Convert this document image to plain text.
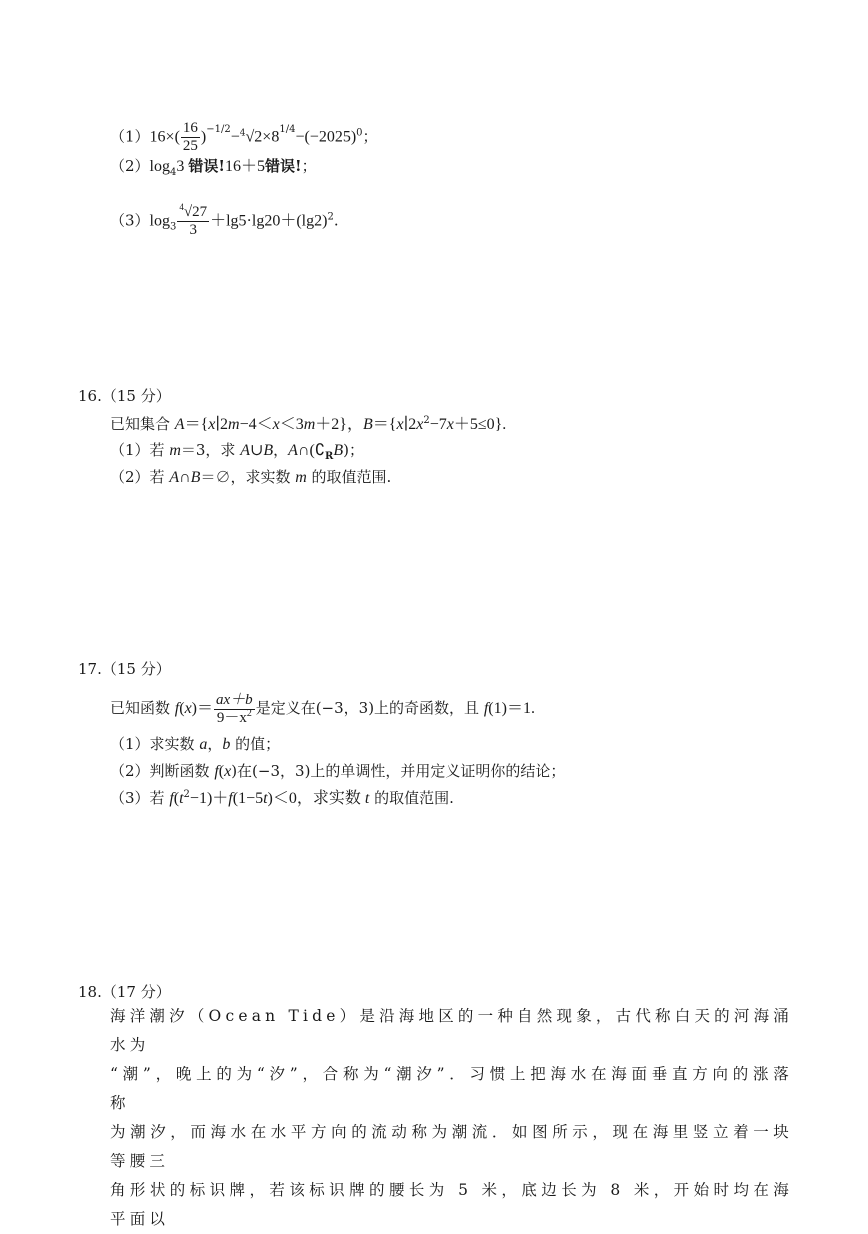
$(1)16\times( \frac{16}{25} )^{-1/2}-^4√2\times 8^{1/4}-(-2025)^0$；
$(2)\log_43$ 错误!16＋5错误!；
$(3)\log_3 \frac{^4√27}{3} +\lg 5\cdot\lg 20+(\lg 2)^2$.
16.（15 分）
已知集合 A＝{x∣2m−4＜x＜3m＋2}，$B=\{x∣2x^2-7x+5\le 0\}$.
（1）若 m＝3，求 A∪B，$A\cap(∁_RB)$；
（2）若 A∩B＝∅，求实数 m 的取值范围.
17.（15 分）
已知函数 $f(x)= \frac{ax+b}{9-x^2}$ 是定义在(−3，3)上的奇函数，且 f(1)＝1.
（1）求实数 a，b 的值；
（2）判断函数 f(x)在(−3，3)上的单调性，并用定义证明你的结论；
（3）若 $f(t^2-1)+f(1-5t)<0$，求实数 t 的取值范围.
18.（17 分）
海洋潮汐（Ocean Tide）是沿海地区的一种自然现象，古代称白天的河海涌水为
“潮”，晚上的为“汐”，合称为“潮汐”．习惯上把海水在海面垂直方向的涨落称
为潮汐，而海水在水平方向的流动称为潮流．如图所示，现在海里竖立着一块等腰三
角形状的标识牌，若该标识牌的腰长为 5 米，底边长为 8 米，开始时均在海平面以
